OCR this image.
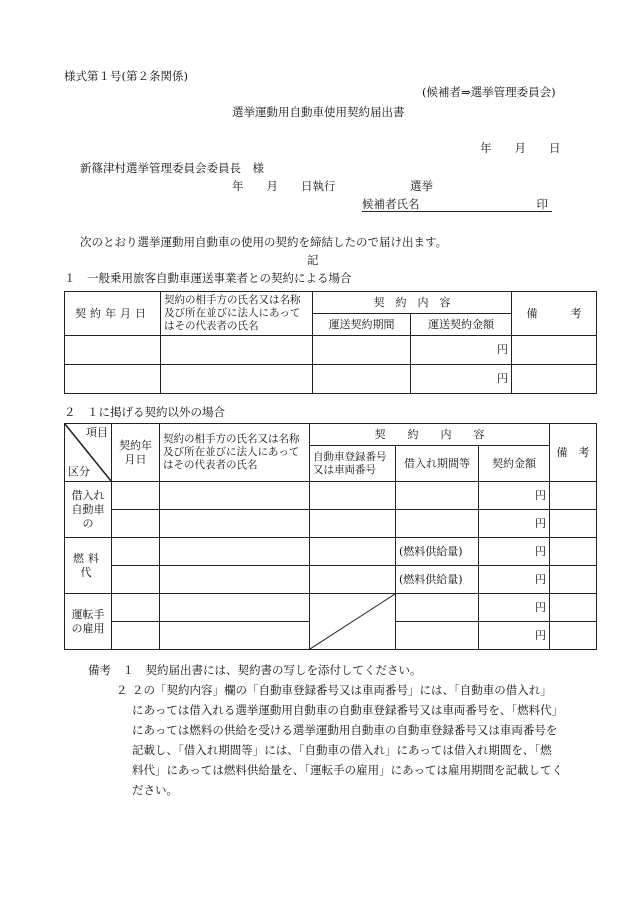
様式第１号(第２条関係)
(候補者⇒選挙管理委員会)
選挙運動用自動車使用契約届出書
年　　月　　日
新篠津村選挙管理委員会委員長　様
年　　月　　日執行	選挙
候補者氏名	印
次のとおり選挙運動用自動車の使用の契約を締結したので届け出ます。
記
１　一般乗用旅客自動車運送事業者との契約による場合
契約年月日	契約の相手方の氏名又は名称及び所在並びに法人にあってはその代表者の氏名	契　約　内　容		備　　　考
		運送契約期間	運送契約金額	
			円	
			円	
２　１に掲げる契約以外の場合
項目
区分	契約年月日	契約の相手方の氏名又は名称及び所在並びに法人にあってはその代表者の氏名	契　　約　　内　　容			備　考
			自動車登録番号又は車両番号	借入れ期間等	契約金額	
借入れ自動車の					円	
					円	
燃料代				(燃料供給量)	円	
				(燃料供給量)	円	
運転手の雇用					円	
					円	

備考　 １　 契約届出書には、契約書の写しを添付してください。

２ ２の「契約内容」欄の「自動車登録番号又は車両番号」には、「自動車の借入れ」

にあっては借入れる選挙運動用自動車の自動車登録番号又は車両番号を、「燃料代」

にあっては燃料の供給を受ける選挙運動用自動車の自動車登録番号又は車両番号を

記載し、「借入れ期間等」には、「自動車の借入れ」にあっては借入れ期間を、「燃

料代」にあっては燃料供給量を、「運転手の雇用」にあっては雇用期間を記載してく

ださい。
